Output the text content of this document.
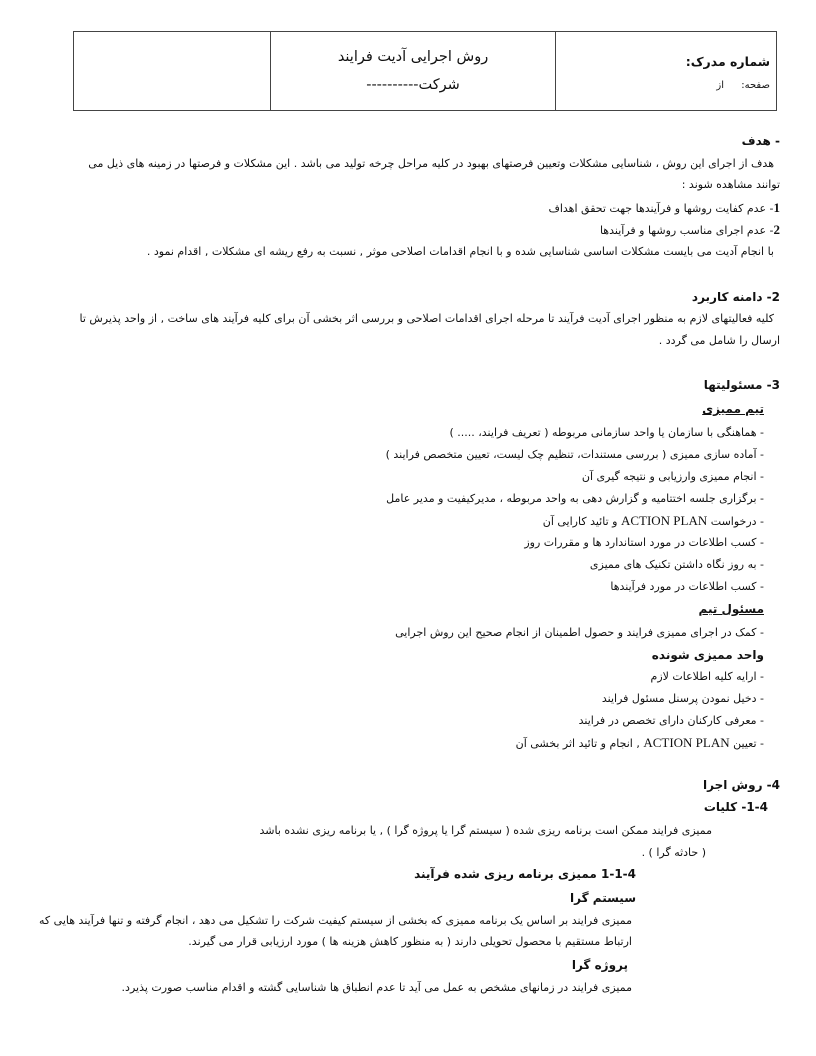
شماره مدرک:
صفحه:
از
روش اجرایی آدیت فرایند
شرکت----------
- هدف
هدف از اجرای این روش ، شناسایی مشکلات وتعیین فرصتهای بهبود در کلیه مراحل چرخه تولید می باشد . این مشکلات و فرصتها در زمینه های ذیل می
توانند مشاهده شوند :
1- عدم کفایت روشها و فرآیندها جهت تحقق اهداف
2- عدم اجرای مناسب روشها و فرآیندها
با انجام آدیت می بایست مشکلات اساسی شناسایی شده و با انجام اقدامات اصلاحی موثر , نسبت به رفع ریشه ای مشکلات , اقدام نمود .
2- دامنه کاربرد
کلیه فعالیتهای لازم به منظور اجرای آدیت فرآیند تا مرحله اجرای اقدامات اصلاحی و بررسی اثر بخشی آن برای کلیه فرآیند های ساخت , از واحد پذیرش تا
ارسال را شامل می گردد .
3- مسئولیتها
تیم ممیزی
- هماهنگی با سازمان یا واحد سازمانی مربوطه ( تعریف فرایند، ..... )
- آماده سازی ممیزی ( بررسی مستندات، تنظیم چک لیست، تعیین متخصص فرایند )
- انجام ممیزی وارزیابی و نتیجه گیری آن
- برگزاری جلسه اختتامیه و گزارش دهی به واحد مربوطه ، مدیرکیفیت و مدیر عامل
- درخواست ACTION PLAN و تائید کارایی آن
- کسب اطلاعات در مورد استاندارد ها و مقررات روز
- به روز نگاه داشتن تکنیک های ممیزی
- کسب اطلاعات در مورد فرآیندها
مسئول تیم
- کمک در اجرای ممیزی فرایند و حصول اطمینان از انجام صحیح این روش اجرایی
واحد ممیزی شونده
- ارایه کلیه اطلاعات لازم
- دخیل نمودن پرسنل مسئول فرایند
- معرفی کارکنان دارای تخصص در فرایند
- تعیین ACTION PLAN , انجام و تائید اثر بخشی آن
4- روش اجرا
1-4- کلیات
ممیزی فرایند ممکن است برنامه ریزی شده ( سیستم گرا یا پروژه گرا ) , یا برنامه ریزی نشده باشد
( حادثه گرا ) .
1-1-4 ممیزی برنامه ریزی شده فرآیند
سیستم گرا
ممیزی فرایند بر اساس یک برنامه ممیزی که بخشی از سیستم کیفیت شرکت را تشکیل می دهد ، انجام گرفته و تنها فرآیند هایی که
ارتباط مستقیم با محصول تحویلی دارند ( به منظور کاهش هزینه ها ) مورد ارزیابی قرار می گیرند.
پروژه گرا
ممیزی فرایند در زمانهای مشخص به عمل می آید تا عدم انطباق ها شناسایی گشته و اقدام مناسب صورت پذیرد.
